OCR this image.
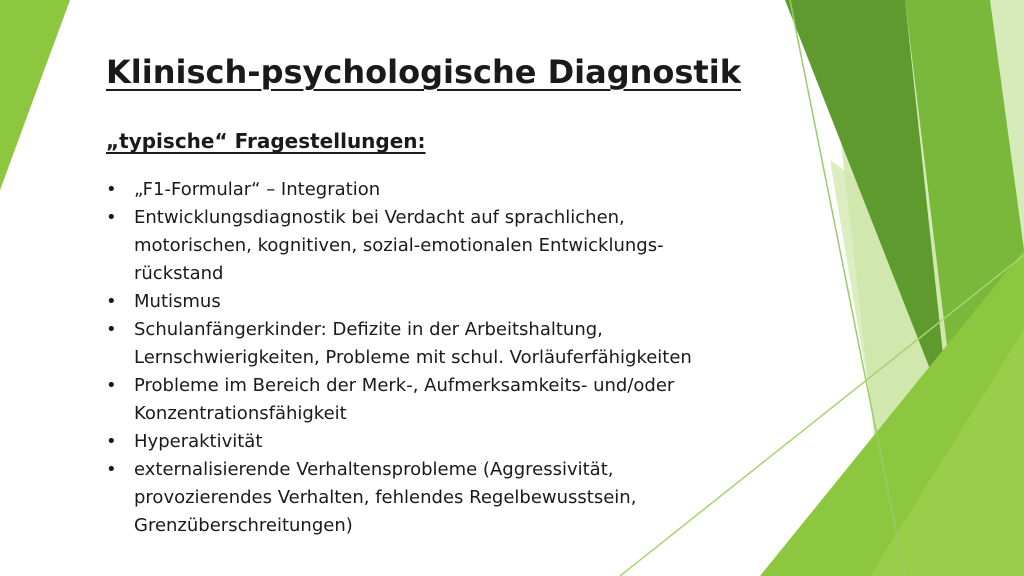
Klinisch-psychologische Diagnostik
„typische“ Fragestellungen:
• „F1-Formular“ – Integration
• Entwicklungsdiagnostik bei Verdacht auf sprachlichen,
motorischen, kognitiven, sozial-emotionalen Entwicklungs-
rückstand
• Mutismus
• Schulanfängerkinder: Defizite in der Arbeitshaltung,
Lernschwierigkeiten, Probleme mit schul. Vorläuferfähigkeiten
• Probleme im Bereich der Merk-, Aufmerksamkeits- und/oder
Konzentrationsfähigkeit
• Hyperaktivität
• externalisierende Verhaltensprobleme (Aggressivität,
provozierendes Verhalten, fehlendes Regelbewusstsein,
Grenzüberschreitungen)
